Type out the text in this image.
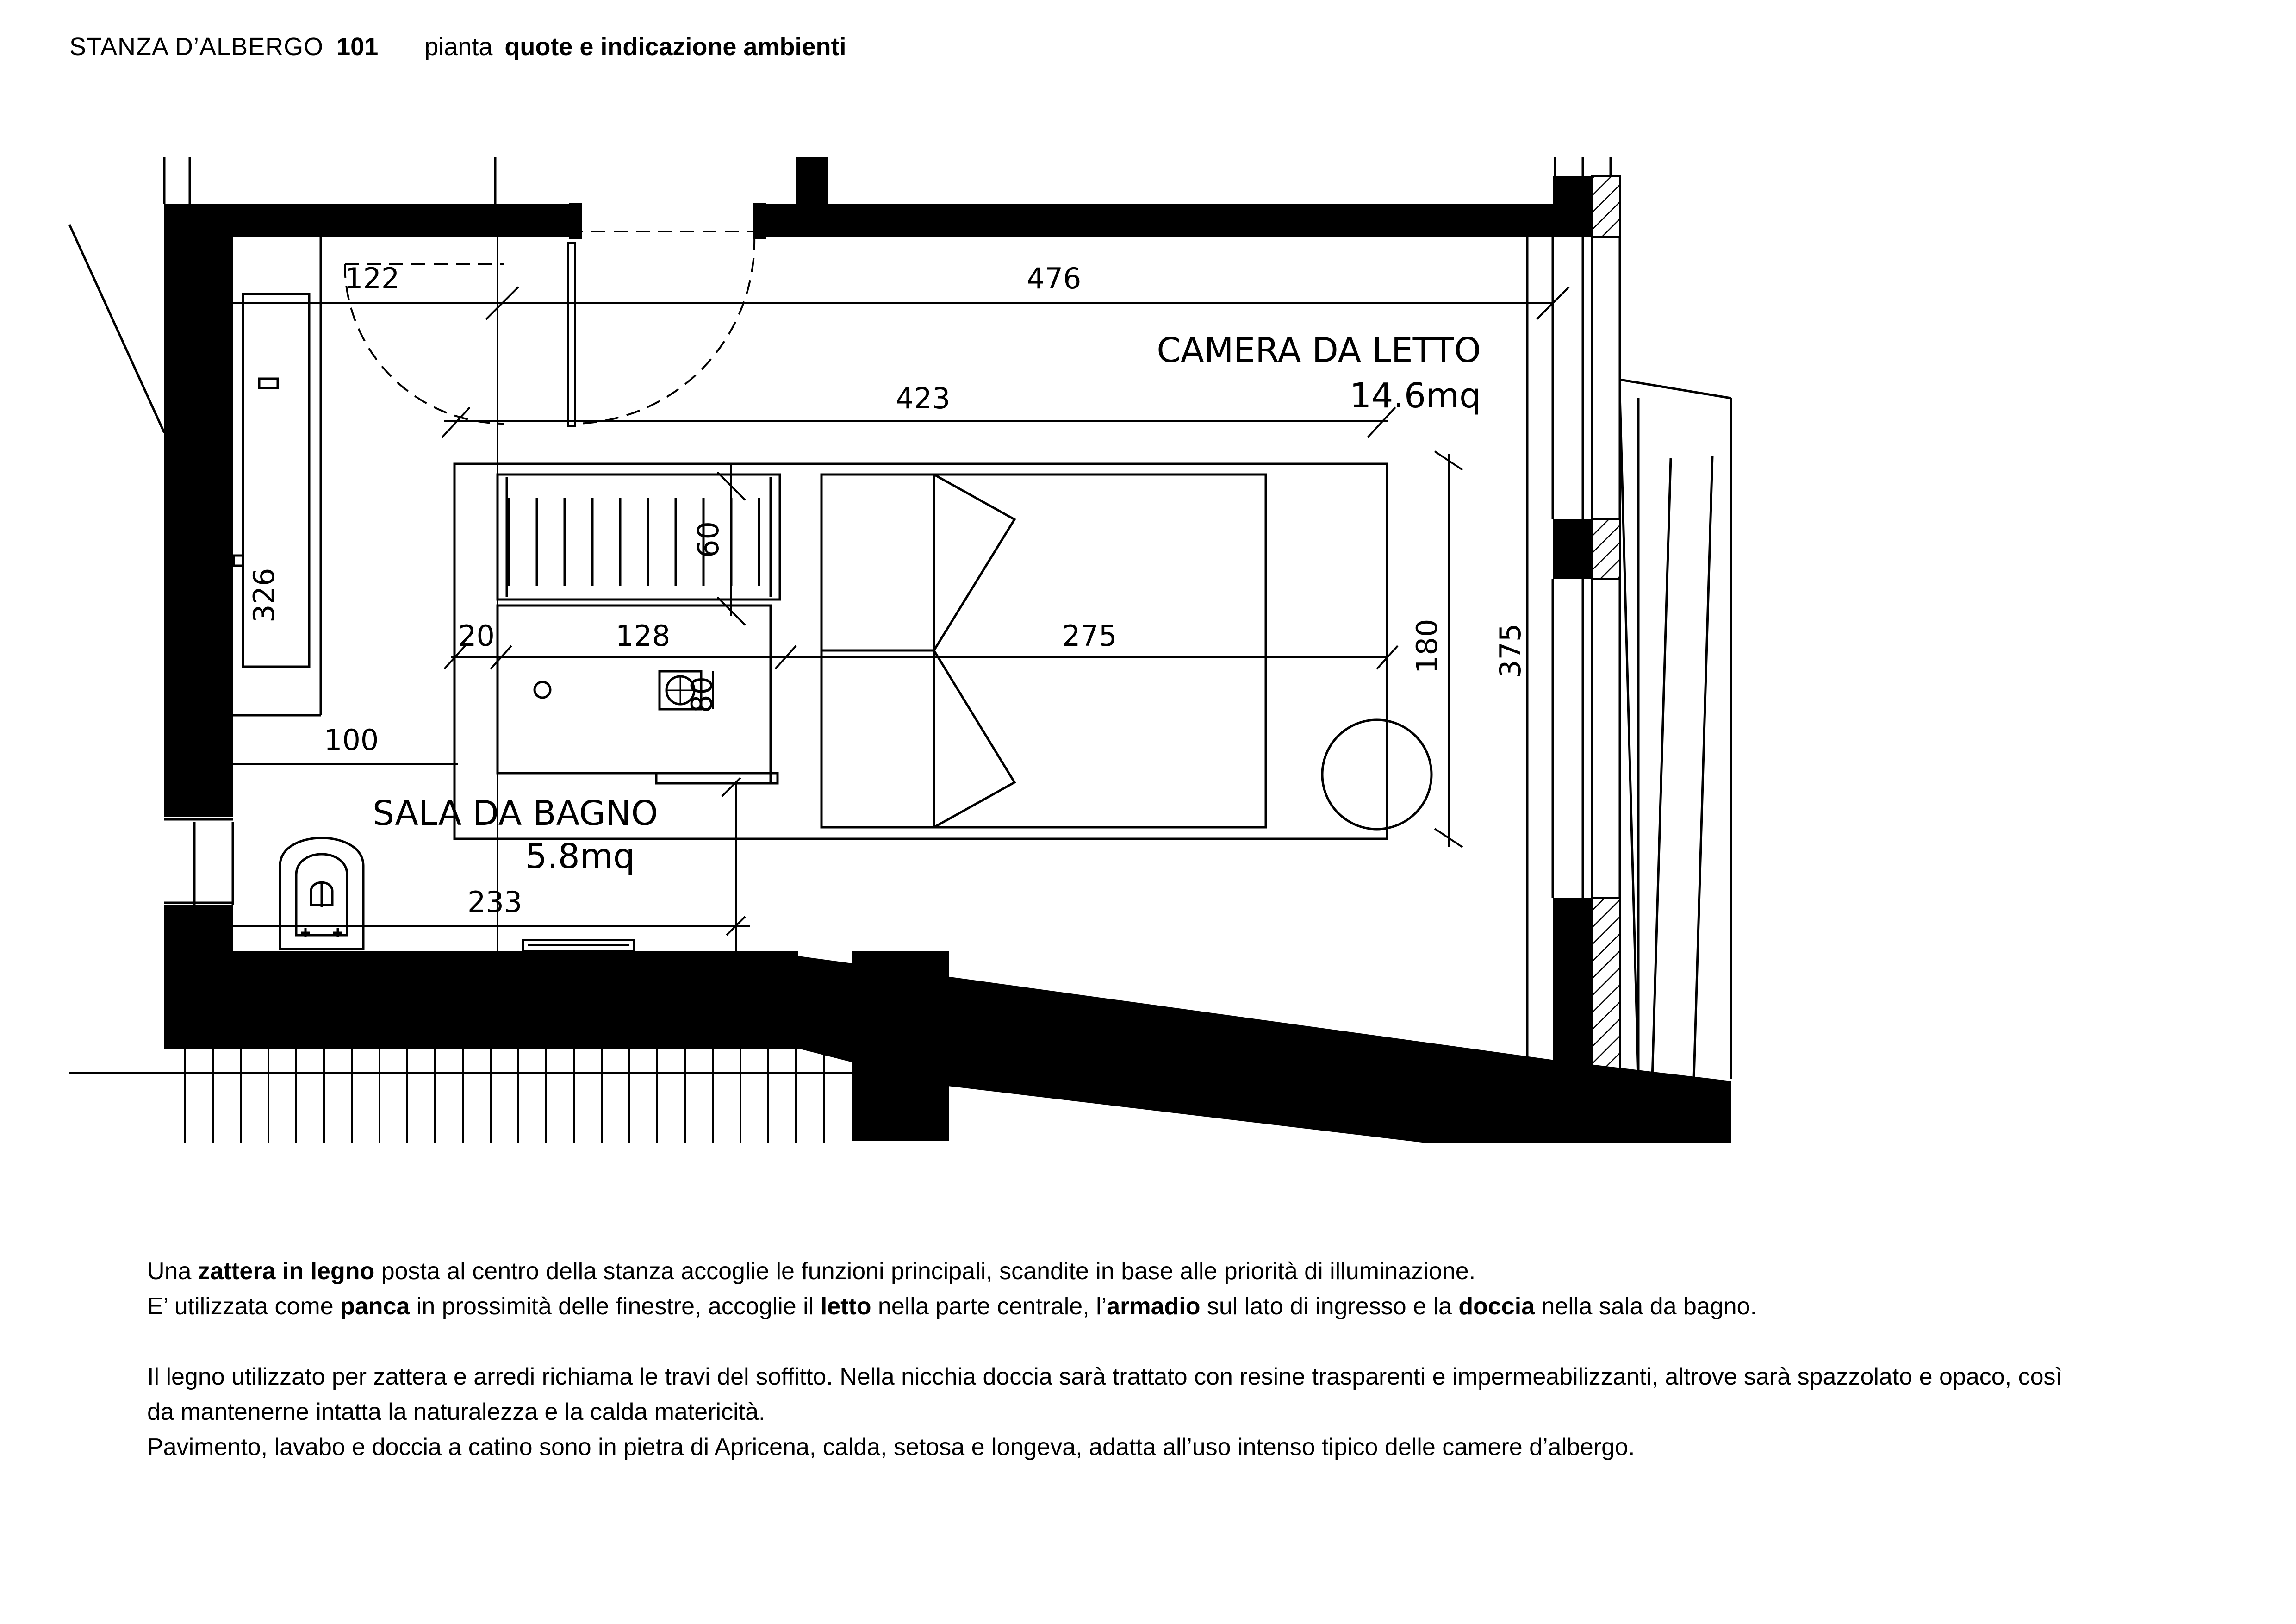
STANZA D’ALBERGO 101 pianta quote e indicazione ambienti
476
423
122
326
60
20	128	275	180 375
80
100
233
CAMERA DA LETTO
14.6mq
SALA DA BAGNO
5.8mq

Una zattera in legno posta al centro della stanza accoglie le funzioni principali, scandite in base alle priorità di illuminazione.

E’ utilizzata come panca in prossimità delle finestre, accoglie il letto nella parte centrale, l’armadio sul lato di ingresso e la doccia nella sala da bagno.

Il legno utilizzato per zattera e arredi richiama le travi del soffitto. Nella nicchia doccia sarà trattato con resine trasparenti e impermeabilizzanti, altrove sarà spazzolato e opaco, così

da mantenerne intatta la naturalezza e la calda matericità.

Pavimento, lavabo e doccia a catino sono in pietra di Apricena, calda, setosa e longeva, adatta all’uso intenso tipico delle camere d’albergo.
